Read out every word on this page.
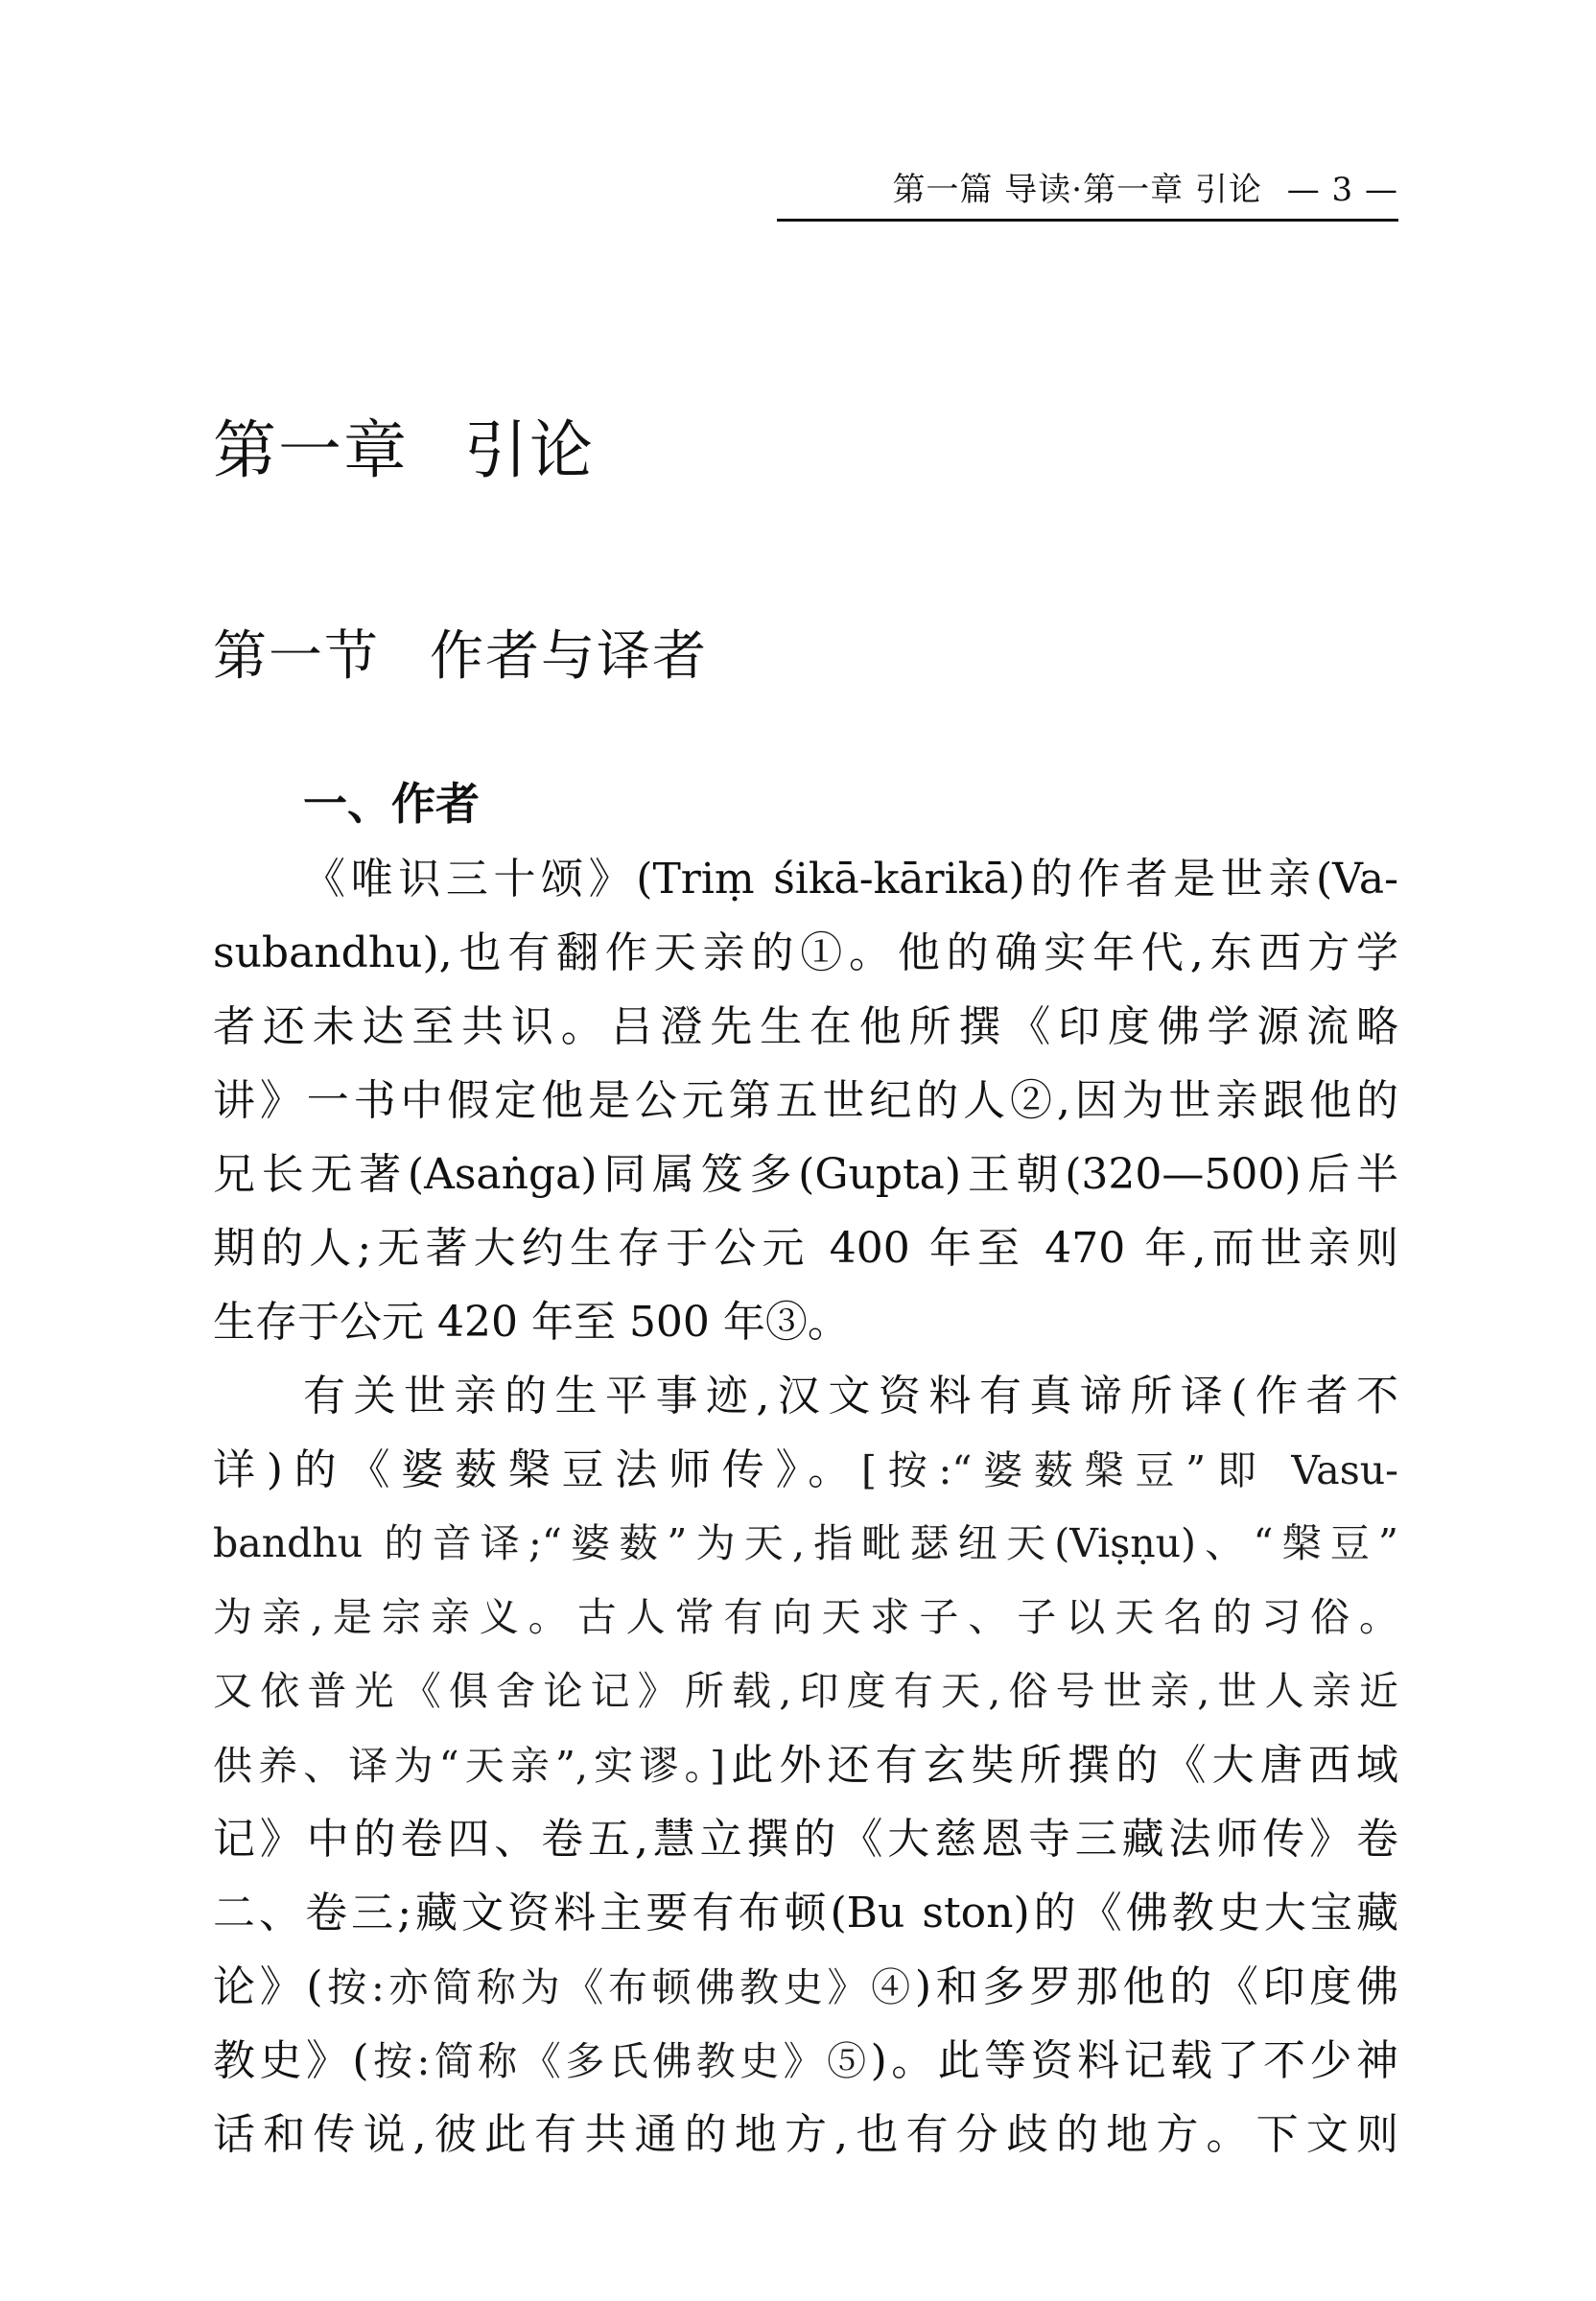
第一篇 导读·第一章 引论 — 3 —
第一章 引论
第一节 作者与译者
一、作者
《唯识三十颂》(Triṃ śikā-kārikā)的作者是世亲(Va-
subandhu),也有翻作天亲的①。他的确实年代,东西方学
者还未达至共识。吕澄先生在他所撰《印度佛学源流略
讲》一书中假定他是公元第五世纪的人②,因为世亲跟他的
兄长无著(Asaṅga)同属笈多(Gupta)王朝(320—500)后半
期的人;无著大约生存于公元 400 年至 470 年,而世亲则
生存于公元 420 年至 500 年③。
有关世亲的生平事迹,汉文资料有真谛所译(作者不
详)的《婆薮槃豆法师传》。[按:“婆薮槃豆”即 Vasu-
bandhu 的音译;“婆薮”为天,指毗瑟纽天(Viṣṇu)、“槃豆”
为亲,是宗亲义。古人常有向天求子、子以天名的习俗。
又依普光《俱舍论记》所载,印度有天,俗号世亲,世人亲近
供养、译为“天亲”,实谬。]此外还有玄奘所撰的《大唐西域
记》中的卷四、卷五,慧立撰的《大慈恩寺三藏法师传》卷
二、卷三;藏文资料主要有布顿(Bu ston)的《佛教史大宝藏
论》(按:亦简称为《布顿佛教史》④)和多罗那他的《印度佛
教史》(按:简称《多氏佛教史》⑤)。此等资料记载了不少神
话和传说,彼此有共通的地方,也有分歧的地方。下文则
